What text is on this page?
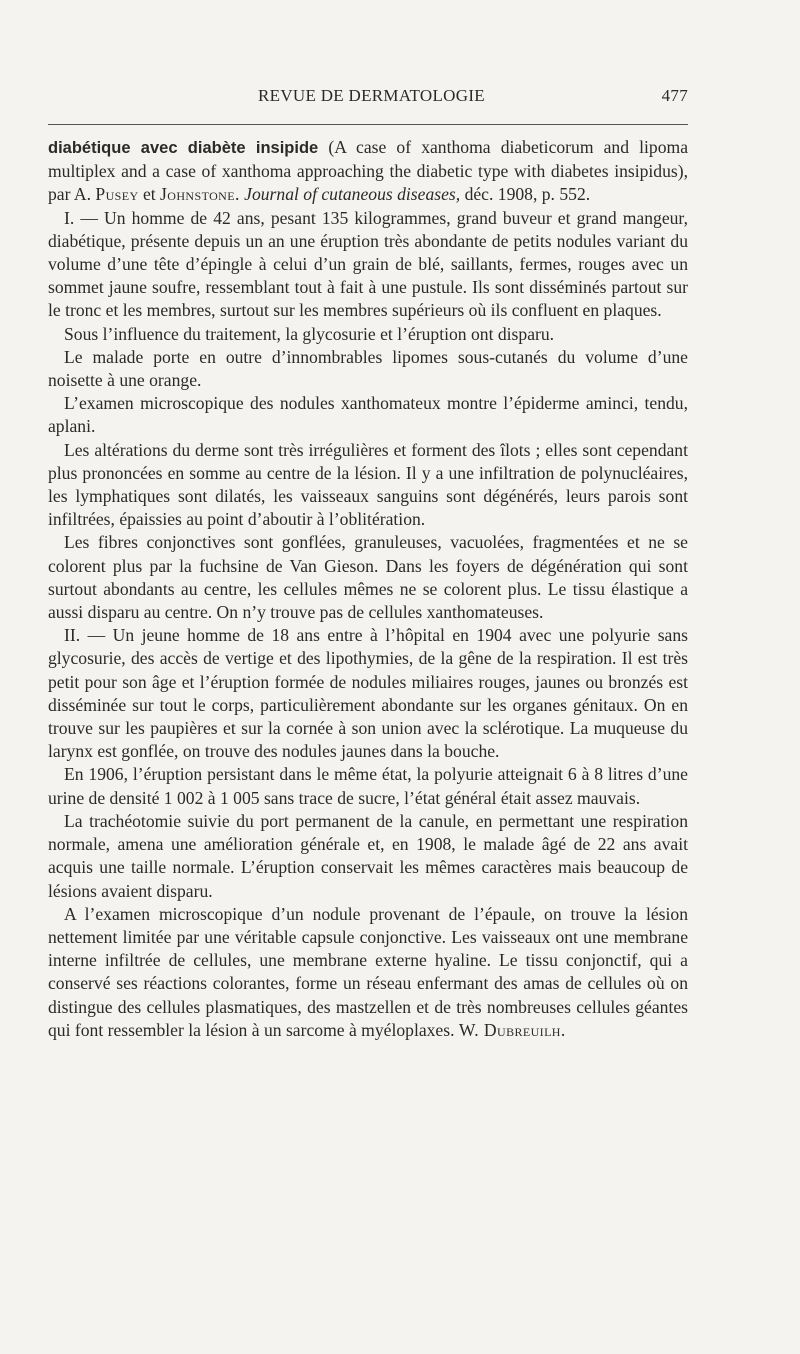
REVUE DE DERMATOLOGIE	477

diabétique avec diabète insipide (A case of xanthoma diabeticorum and lipoma multiplex and a case of xanthoma approaching the diabetic type with diabetes insipidus), par A. Pusey et Johnstone. Journal of cutaneous diseases, déc. 1908, p. 552.

I. — Un homme de 42 ans, pesant 135 kilogrammes, grand buveur et grand mangeur, diabétique, présente depuis un an une éruption très abondante de petits nodules variant du volume d’une tête d’épingle à celui d’un grain de blé, saillants, fermes, rouges avec un sommet jaune soufre, ressemblant tout à fait à une pustule. Ils sont disséminés partout sur le tronc et les membres, surtout sur les membres supérieurs où ils confluent en plaques.

Sous l’influence du traitement, la glycosurie et l’éruption ont disparu.

Le malade porte en outre d’innombrables lipomes sous-cutanés du volume d’une noisette à une orange.

L’examen microscopique des nodules xanthomateux montre l’épiderme aminci, tendu, aplani.

Les altérations du derme sont très irrégulières et forment des îlots ; elles sont cependant plus prononcées en somme au centre de la lésion. Il y a une infiltration de polynucléaires, les lymphatiques sont dilatés, les vaisseaux sanguins sont dégénérés, leurs parois sont infiltrées, épaissies au point d’aboutir à l’oblitération.

Les fibres conjonctives sont gonflées, granuleuses, vacuolées, fragmentées et ne se colorent plus par la fuchsine de Van Gieson. Dans les foyers de dégénération qui sont surtout abondants au centre, les cellules mêmes ne se colorent plus. Le tissu élastique a aussi disparu au centre. On n’y trouve pas de cellules xanthomateuses.

II. — Un jeune homme de 18 ans entre à l’hôpital en 1904 avec une polyurie sans glycosurie, des accès de vertige et des lipothymies, de la gêne de la respiration. Il est très petit pour son âge et l’éruption formée de nodules miliaires rouges, jaunes ou bronzés est disséminée sur tout le corps, particulièrement abondante sur les organes génitaux. On en trouve sur les paupières et sur la cornée à son union avec la sclérotique. La muqueuse du larynx est gonflée, on trouve des nodules jaunes dans la bouche.

En 1906, l’éruption persistant dans le même état, la polyurie atteignait 6 à 8 litres d’une urine de densité 1 002 à 1 005 sans trace de sucre, l’état général était assez mauvais.

La trachéotomie suivie du port permanent de la canule, en permettant une respiration normale, amena une amélioration générale et, en 1908, le malade âgé de 22 ans avait acquis une taille normale. L’éruption conservait les mêmes caractères mais beaucoup de lésions avaient disparu.

A l’examen microscopique d’un nodule provenant de l’épaule, on trouve la lésion nettement limitée par une véritable capsule conjonctive. Les vaisseaux ont une membrane interne infiltrée de cellules, une membrane externe hyaline. Le tissu conjonctif, qui a conservé ses réactions colorantes, forme un réseau enfermant des amas de cellules où on distingue des cellules plasmatiques, des mastzellen et de très nombreuses cellules géantes qui font ressembler la lésion à un sarcome à myéloplaxes. W. Dubreuilh.
